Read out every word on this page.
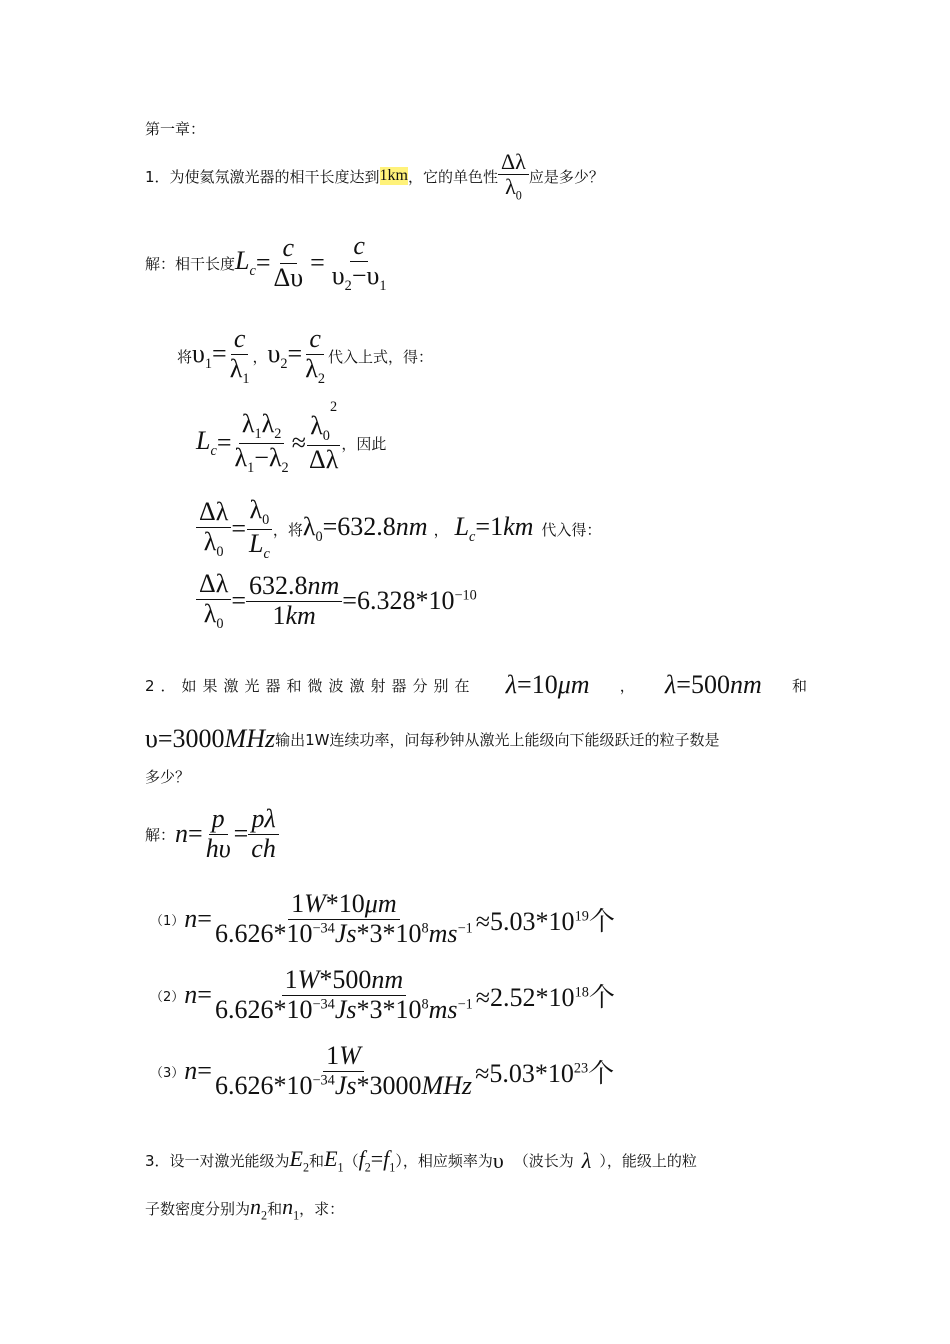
第一章：
1．为使氦氖激光器的相干长度达到 1km ，它的单色性 $\frac{\Delta\lambda}{\lambda_0}$ 应是多少？
解：相干长度 $L_c = \frac{c}{\Delta\upsilon} = \frac{c}{\upsilon_2-\upsilon_1}$
将 $\upsilon_1= \frac{c}{\lambda_1}$ ， $\upsilon_2= \frac{c}{\lambda_2}$ 代入上式，得：
$L_c = \frac{\lambda_1\lambda_2}{\lambda_1-\lambda_2} \approx \frac{\lambda_0^2}{\Delta\lambda}$ ，因此
$\frac{\Delta\lambda}{\lambda_0} = \frac{\lambda_0}{L_c}$ ，将 $\lambda_0=632.8nm$ ， $L_c=1km$ 代入得：
$\frac{\Delta\lambda}{\lambda_0} = \frac{632.8nm}{1km} =6.328*10^{-10}$
2．如果激光器和微波激射器分别在 λ=10μm ， λ=500nm 和
υ=3000MHz 输出1W连续功率，问每秒钟从激光上能级向下能级跃迁的粒子数是
多少？
解： $n = \frac{p}{h\upsilon} = \frac{p\lambda}{ch}$
（1） $n = \frac{1W*10\mu m}{6.626*10^{-34}Js*3*10^8ms^{-1}} \approx 5.03*10^{19}$个
（2） $n = \frac{1W*500nm}{6.626*10^{-34}Js*3*10^8ms^{-1}} \approx 2.52*10^{18}$个
（3） $n = \frac{1W}{6.626*10^{-34}Js*3000MHz} \approx 5.03*10^{23}$个
3．设一对激光能级为 $E_2$ 和 $E_1$ （ $f_2=f_1$ ），相应频率为 υ （波长为 λ ），能级上的粒
子数密度分别为 $n_2$ 和 $n_1$ ，求：
